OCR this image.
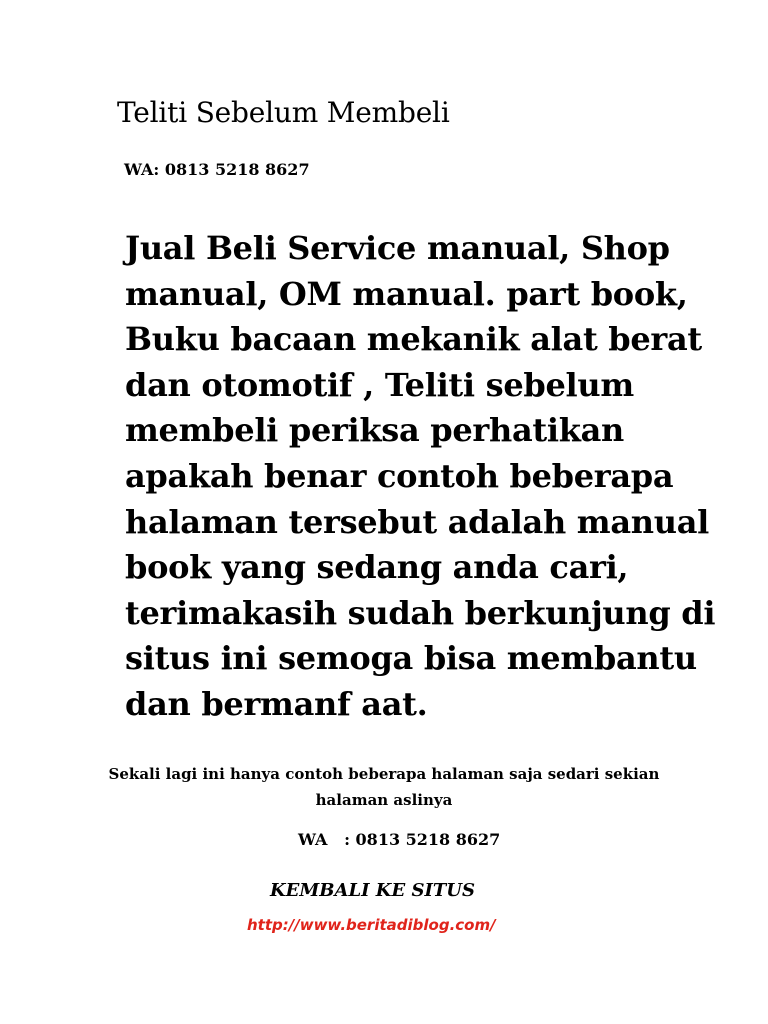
Teliti Sebelum Membeli

WA: 0813 5218 8627

Jual Beli Service manual, Shop
manual, OM manual. part book,
Buku bacaan mekanik alat berat
dan otomotif , Teliti sebelum
membeli periksa perhatikan
apakah benar contoh beberapa
halaman tersebut adalah manual
book yang sedang anda cari,
terimakasih sudah berkunjung di
situs ini semoga bisa membantu
dan bermanf aat.

Sekali lagi ini hanya contoh beberapa halaman saja sedari sekian
halaman aslinya

WA   : 0813 5218 8627

KEMBALI KE SITUS

http://www.beritadiblog.com/
